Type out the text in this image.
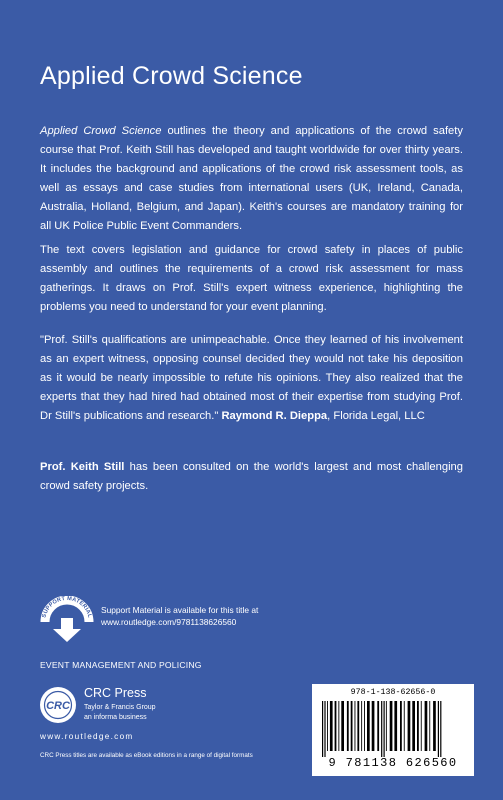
Applied Crowd Science

Applied Crowd Science outlines the theory and applications of the crowd safety course that Prof. Keith Still has developed and taught worldwide for over thirty years. It includes the background and applications of the crowd risk assessment tools, as well as essays and case studies from international users (UK, Ireland, Canada, Australia, Holland, Belgium, and Japan). Keith's courses are mandatory training for all UK Police Public Event Commanders.

The text covers legislation and guidance for crowd safety in places of public assembly and outlines the requirements of a crowd risk assessment for mass gatherings. It draws on Prof. Still's expert witness experience, highlighting the problems you need to understand for your event planning.

"Prof. Still's qualifications are unimpeachable. Once they learned of his involvement as an expert witness, opposing counsel decided they would not take his deposition as it would be nearly impossible to refute his opinions. They also realized that the experts that they had hired had obtained most of their expertise from studying Prof. Dr Still's publications and research." Raymond R. Dieppa, Florida Legal, LLC

Prof. Keith Still has been consulted on the world's largest and most challenging crowd safety projects.

SUPPORT MATERIAL
Support Material is available for this title at
www.routledge.com/9781138626560
EVENT MANAGEMENT AND POLICING
CRC
CRC Press
Taylor & Francis Group
an informa business
www.routledge.com
CRC Press titles are available as eBook editions in a range of digital formats
978-1-138-62656-0
9 781138 626560
